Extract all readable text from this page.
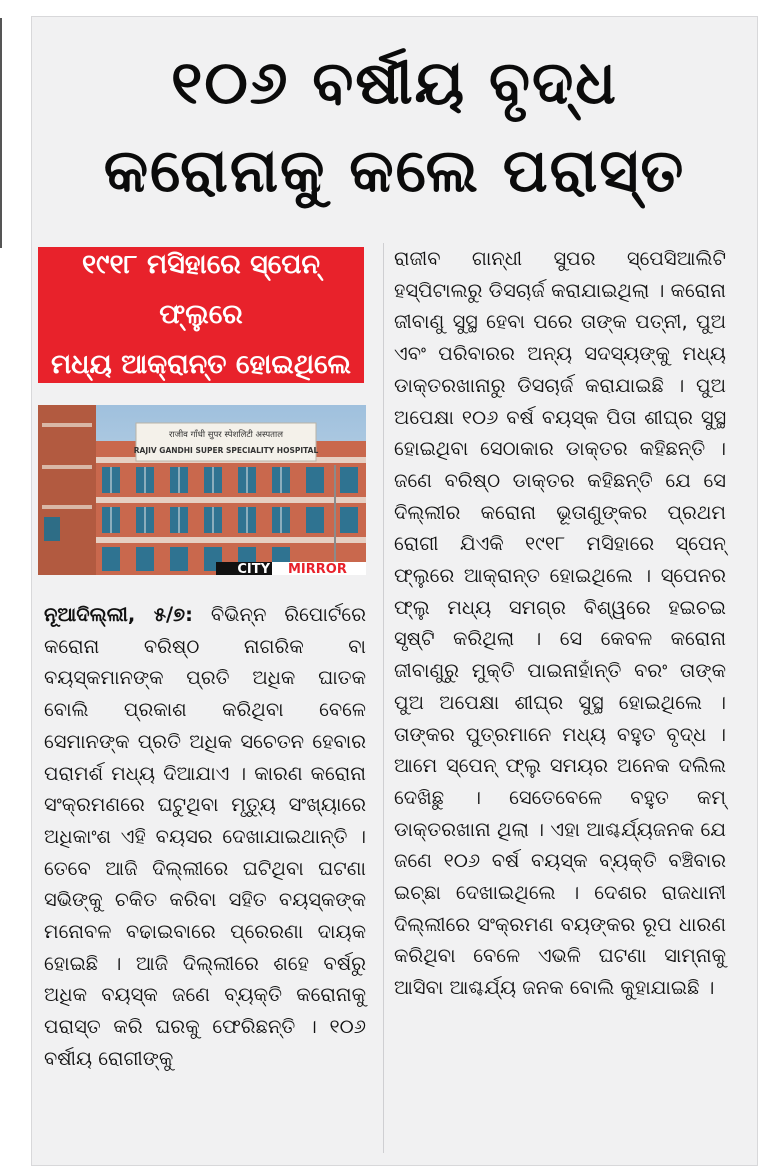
୧୦୬ ବର୍ଷୀୟ ବୃଦ୍ଧ
କରୋନାକୁ କଲେ ପରାସ୍ତ
୧୯୧୮ ମସିହାରେ ସ୍ପେନ୍ ଫ୍ଲୁରେ
ମଧ୍ୟ ଆକ୍ରାନ୍ତ ହୋଇଥିଲେ
राजीव गाँधी सुपर स्पेशलिटी अस्पताल
RAJIV GANDHI SUPER SPECIALITY HOSPITAL
CITY MIRROR
ନୂଆଦିଲ୍ଲୀ, ୫/୭: ବିଭିନ୍ନ ରିପୋର୍ଟରେ କରୋନା ବରିଷ୍ଠ ନାଗରିକ ବା ବୟସ୍କମାନଙ୍କ ପ୍ରତି ଅଧିକ ଘାତକ ବୋଲି ପ୍ରକାଶ କରିଥିବା ବେଳେ ସେମାନଙ୍କ ପ୍ରତି ଅଧିକ ସଚେତନ ହେବାର ପରାମର୍ଶ ମଧ୍ୟ ଦିଆଯାଏ । କାରଣ କରୋନା ସଂକ୍ରମଣରେ ଘଟୁଥିବା ମୃତ୍ୟୁ ସଂଖ୍ୟାରେ ଅଧିକାଂଶ ଏହି ବୟସର ଦେଖାଯାଇଥାନ୍ତି । ତେବେ ଆଜି ଦିଲ୍ଲୀରେ ଘଟିଥିବା ଘଟଣା ସଭିଙ୍କୁ ଚକିତ କରିବା ସହିତ ବୟସ୍କଙ୍କ ମନୋବଳ ବଢାଇବାରେ ପ୍ରେରଣା ଦାୟକ ହୋଇଛି । ଆଜି ଦିଲ୍ଲୀରେ ଶହେ ବର୍ଷରୁ ଅଧିକ ବୟସ୍କ ଜଣେ ବ୍ୟକ୍ତି କରୋନାକୁ ପରାସ୍ତ କରି ଘରକୁ ଫେରିଛନ୍ତି । ୧୦୬ ବର୍ଷୀୟ ରୋଗୀଙ୍କୁ
ରାଜୀବ ଗାନ୍ଧୀ ସୁପର ସ୍ପେସିଆଲିଟି ହସ୍ପିଟାଲରୁ ଡିସଚାର୍ଜ କରାଯାଇଥିଲା । କରୋନା ଜୀବାଣୁ ସୁସ୍ଥ ହେବା ପରେ ତାଙ୍କ ପତ୍ନୀ, ପୁଅ ଏବଂ ପରିବାରର ଅନ୍ୟ ସଦସ୍ୟଙ୍କୁ ମଧ୍ୟ ଡାକ୍ତରଖାନାରୁ ଡିସଚାର୍ଜ କରାଯାଇଛି । ପୁଅ ଅପେକ୍ଷା ୧୦୬ ବର୍ଷ ବୟସ୍କ ପିତା ଶୀଘ୍ର ସୁସ୍ଥ ହୋଇଥିବା ସେଠାକାର ଡାକ୍ତର କହିଛନ୍ତି । ଜଣେ ବରିଷ୍ଠ ଡାକ୍ତର କହିଛନ୍ତି ଯେ ସେ ଦିଲ୍ଲୀର କରୋନା ଭୂତାଣୁଙ୍କର ପ୍ରଥମ ରୋଗୀ ଯିଏକି ୧୯୧୮ ମସିହାରେ ସ୍ପେନ୍ ଫ୍ଲୁରେ ଆକ୍ରାନ୍ତ ହୋଇଥିଲେ । ସ୍ପେନର ଫ୍ଲୁ ମଧ୍ୟ ସମଗ୍ର ବିଶ୍ୱରେ ହଇଚଇ ସୃଷ୍ଟି କରିଥିଲା । ସେ କେବଳ କରୋନା ଜୀବାଣୁରୁ ମୁକ୍ତି ପାଇନାହାଁନ୍ତି ବରଂ ତାଙ୍କ ପୁଅ ଅପେକ୍ଷା ଶୀଘ୍ର ସୁସ୍ଥ ହୋଇଥିଲେ । ତାଙ୍କର ପୁତ୍ରମାନେ ମଧ୍ୟ ବହୁତ ବୃଦ୍ଧ । ଆମେ ସ୍ପେନ୍ ଫ୍ଲୁ ସମୟର ଅନେକ ଦଲିଲ ଦେଖିଛୁ । ସେତେବେଳେ ବହୁତ କମ୍ ଡାକ୍ତରଖାନା ଥିଲା । ଏହା ଆଶ୍ଚର୍ଯ୍ୟଜନକ ଯେ ଜଣେ ୧୦୬ ବର୍ଷ ବୟସ୍କ ବ୍ୟକ୍ତି ବଞ୍ଚିବାର ଇଚ୍ଛା ଦେଖାଇଥିଲେ । ଦେଶର ରାଜଧାନୀ ଦିଲ୍ଲୀରେ ସଂକ୍ରମଣ ବୟଙ୍କର ରୂପ ଧାରଣ କରିଥିବା ବେଳେ ଏଭଳି ଘଟଣା ସାମ୍ନାକୁ ଆସିବା ଆଶ୍ଚର୍ଯ୍ୟ ଜନକ ବୋଲି କୁହାଯାଇଛି ।
